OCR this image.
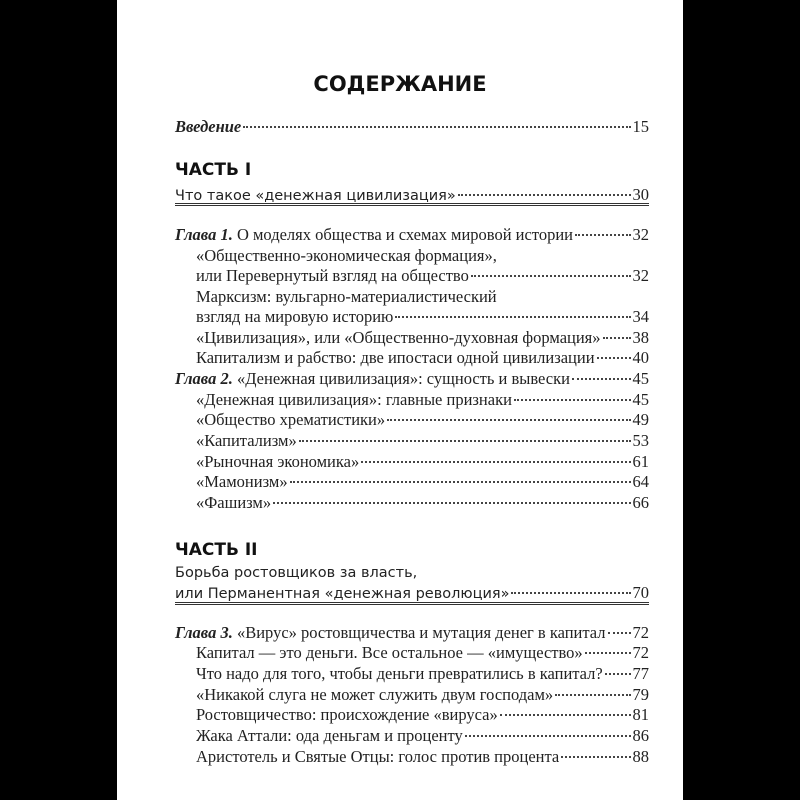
СОДЕРЖАНИЕ
Введение	15
ЧАСТЬ I
Что такое «денежная цивилизация»	30
Глава 1. О моделях общества и схемах мировой истории	32
«Общественно-экономическая формация»,
или Перевернутый взгляд на общество	32
Марксизм: вульгарно-материалистический
взгляд на мировую историю	34
«Цивилизация», или «Общественно-духовная формация» 38
Капитализм и рабство: две ипостаси одной цивилизации 40
Глава 2. «Денежная цивилизация»: сущность и вывески	45
«Денежная цивилизация»: главные признаки	45
«Общество хрематистики»	49
«Капитализм»	53
«Рыночная экономика»	61
«Мамонизм»	64
«Фашизм»	66
ЧАСТЬ II
Борьба ростовщиков за власть,
или Перманентная «денежная революция»	70
Глава 3. «Вирус» ростовщичества и мутация денег в капитал 72
Капитал — это деньги. Все остальное — «имущество»	72
Что надо для того, чтобы деньги превратились в капитал? 77
«Никакой слуга не может служить двум господам»	79
Ростовщичество: происхождение «вируса»	81
Жака Аттали: ода деньгам и проценту	86
Аристотель и Святые Отцы: голос против процента	88
